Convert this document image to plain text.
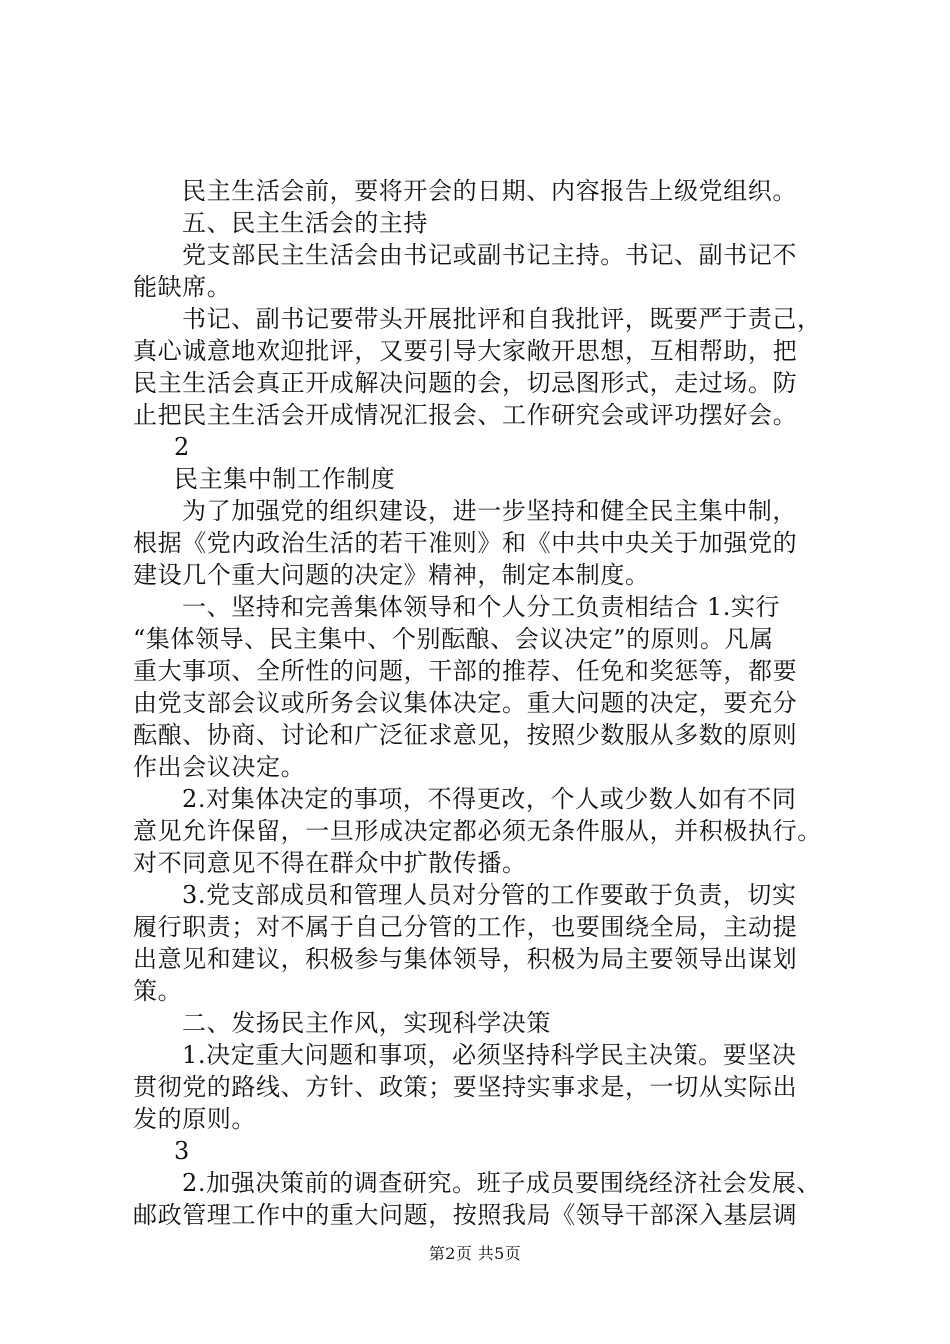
民主生活会前，要将开会的日期、内容报告上级党组织。
五、民主生活会的主持
党支部民主生活会由书记或副书记主持。书记、副书记不
能缺席。
书记、副书记要带头开展批评和自我批评，既要严于责己，
真心诚意地欢迎批评，又要引导大家敞开思想，互相帮助，把
民主生活会真正开成解决问题的会，切忌图形式，走过场。防
止把民主生活会开成情况汇报会、工作研究会或评功摆好会。
2
民主集中制工作制度
为了加强党的组织建设，进一步坚持和健全民主集中制，
根据《党内政治生活的若干准则》和《中共中央关于加强党的
建设几个重大问题的决定》精神，制定本制度。
一、坚持和完善集体领导和个人分工负责相结合 1.实行
“集体领导、民主集中、个别酝酿、会议决定”的原则。凡属
重大事项、全所性的问题，干部的推荐、任免和奖惩等，都要
由党支部会议或所务会议集体决定。重大问题的决定，要充分
酝酿、协商、讨论和广泛征求意见，按照少数服从多数的原则
作出会议决定。
2.对集体决定的事项，不得更改，个人或少数人如有不同
意见允许保留，一旦形成决定都必须无条件服从，并积极执行。
对不同意见不得在群众中扩散传播。
3.党支部成员和管理人员对分管的工作要敢于负责，切实
履行职责；对不属于自己分管的工作，也要围绕全局，主动提
出意见和建议，积极参与集体领导，积极为局主要领导出谋划
策。
二、发扬民主作风，实现科学决策
1.决定重大问题和事项，必须坚持科学民主决策。要坚决
贯彻党的路线、方针、政策；要坚持实事求是，一切从实际出
发的原则。
3
2.加强决策前的调查研究。班子成员要围绕经济社会发展、
邮政管理工作中的重大问题，按照我局《领导干部深入基层调
第2页 共5页
